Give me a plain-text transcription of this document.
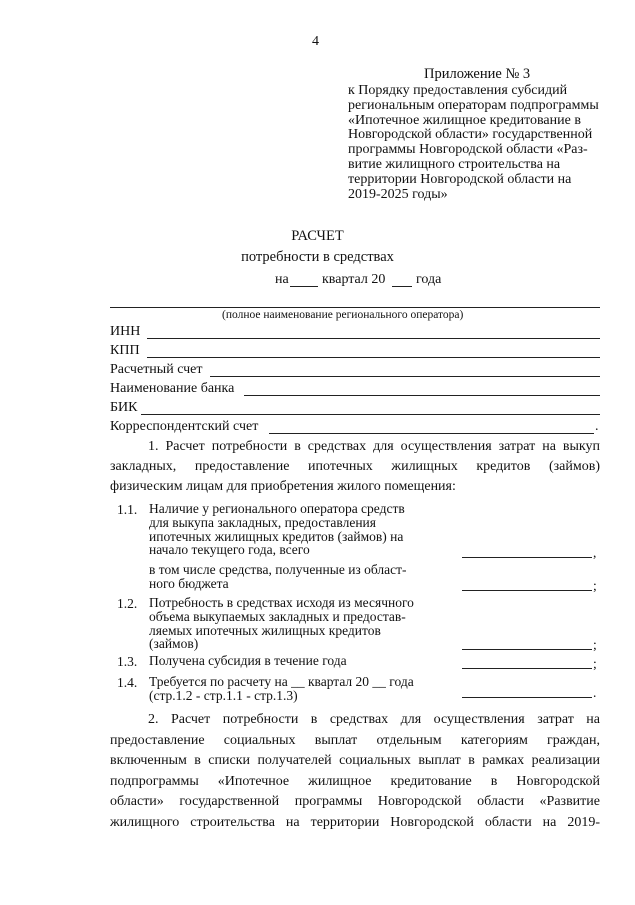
4
Приложение № 3
к Порядку предоставления субсидий
региональным операторам подпрограммы
«Ипотечное жилищное кредитование в
Новгородской области» государственной
программы Новгородской области «Раз-
витие жилищного строительства на
территории Новгородской области на
2019-2025 годы»
РАСЧЕТ
потребности в средствах
на квартал 20 года
(полное наименование регионального оператора)
ИНН
КПП
Расчетный счет
Наименование банка
БИК
Корреспондентский счет	.
1. Расчет потребности в средствах для осуществления затрат на выкуп
закладных, предоставление ипотечных жилищных кредитов (займов)
физическим лицам для приобретения жилого помещения:
1.1. Наличие у регионального оператора средств
для выкупа закладных, предоставления
ипотечных жилищных кредитов (займов) на
начало текущего года, всего	,
в том числе средства, полученные из област-
ного бюджета	;
1.2. Потребность в средствах исходя из месячного
объема выкупаемых закладных и предостав-
ляемых ипотечных жилищных кредитов
(займов)	;
1.3. Получена субсидия в течение года	;
1.4. Требуется по расчету на __ квартал 20 __ года
(стр.1.2 - стр.1.1 - стр.1.3)	.
2. Расчет потребности в средствах для осуществления затрат на
предоставление социальных выплат отдельным категориям граждан,
включенным в списки получателей социальных выплат в рамках реализации
подпрограммы «Ипотечное жилищное кредитование в Новгородской
области» государственной программы Новгородской области «Развитие
жилищного строительства на территории Новгородской области на 2019-
